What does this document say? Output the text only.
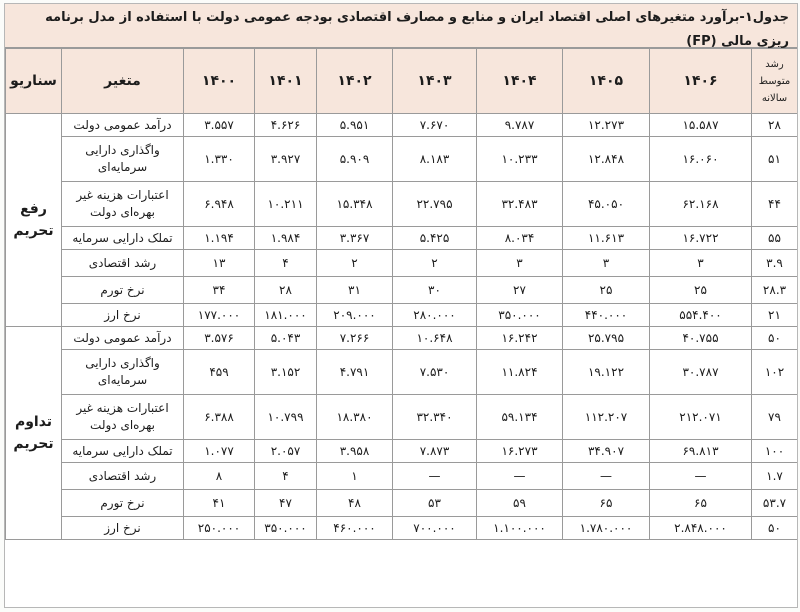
جدول۱-برآورد متغیرهای اصلی اقتصاد ایران و منابع و مصارف اقتصادی بودجه عمومی دولت با استفاده از مدل برنامه ریزی مالی (FP)
رشد
متوسط
سالانه	۱۴۰۶	۱۴۰۵	۱۴۰۴	۱۴۰۳	۱۴۰۲	۱۴۰۱	۱۴۰۰	متغیر	سناریو
۲۸	۱۵.۵۸۷	۱۲.۲۷۳	۹.۷۸۷	۷.۶۷۰	۵.۹۵۱	۴.۶۲۶	۳.۵۵۷	درآمد عمومی دولت	رفع
تحریم
۵۱	۱۶.۰۶۰	۱۲.۸۴۸	۱۰.۲۳۳	۸.۱۸۳	۵.۹۰۹	۳.۹۲۷	۱.۳۳۰	واگذاری دارایی
سرمایه‌ای	
۴۴	۶۲.۱۶۸	۴۵.۰۵۰	۳۲.۴۸۳	۲۲.۷۹۵	۱۵.۳۴۸	۱۰.۲۱۱	۶.۹۴۸	اعتبارات هزینه غیر
بهره‌ای دولت	
۵۵	۱۶.۷۲۲	۱۱.۶۱۳	۸.۰۳۴	۵.۴۲۵	۳.۳۶۷	۱.۹۸۴	۱.۱۹۴	تملک دارایی سرمایه	
۳.۹	۳	۳	۳	۲	۲	۴	۱۳	رشد اقتصادی	
۲۸.۳	۲۵	۲۵	۲۷	۳۰	۳۱	۲۸	۳۴	نرخ تورم	
۲۱	۵۵۴.۴۰۰	۴۴۰.۰۰۰	۳۵۰.۰۰۰	۲۸۰.۰۰۰	۲۰۹.۰۰۰	۱۸۱.۰۰۰	۱۷۷.۰۰۰	نرخ ارز	
۵۰	۴۰.۷۵۵	۲۵.۷۹۵	۱۶.۲۴۲	۱۰.۶۴۸	۷.۲۶۶	۵.۰۴۳	۳.۵۷۶	درآمد عمومی دولت	تداوم
تحریم
۱۰۲	۳۰.۷۸۷	۱۹.۱۲۲	۱۱.۸۲۴	۷.۵۳۰	۴.۷۹۱	۳.۱۵۲	۴۵۹	واگذاری دارایی
سرمایه‌ای	
۷۹	۲۱۲.۰۷۱	۱۱۲.۲۰۷	۵۹.۱۳۴	۳۲.۳۴۰	۱۸.۳۸۰	۱۰.۷۹۹	۶.۳۸۸	اعتبارات هزینه غیر
بهره‌ای دولت	
۱۰۰	۶۹.۸۱۳	۳۴.۹۰۷	۱۶.۲۷۳	۷.۸۷۳	۳.۹۵۸	۲.۰۵۷	۱.۰۷۷	تملک دارایی سرمایه	
۱.۷	—	—	—	—	۱	۴	۸	رشد اقتصادی	
۵۳.۷	۶۵	۶۵	۵۹	۵۳	۴۸	۴۷	۴۱	نرخ تورم	
۵۰	۲.۸۴۸.۰۰۰	۱.۷۸۰.۰۰۰	۱.۱۰۰.۰۰۰	۷۰۰.۰۰۰	۴۶۰.۰۰۰	۳۵۰.۰۰۰	۲۵۰.۰۰۰	نرخ ارز	
